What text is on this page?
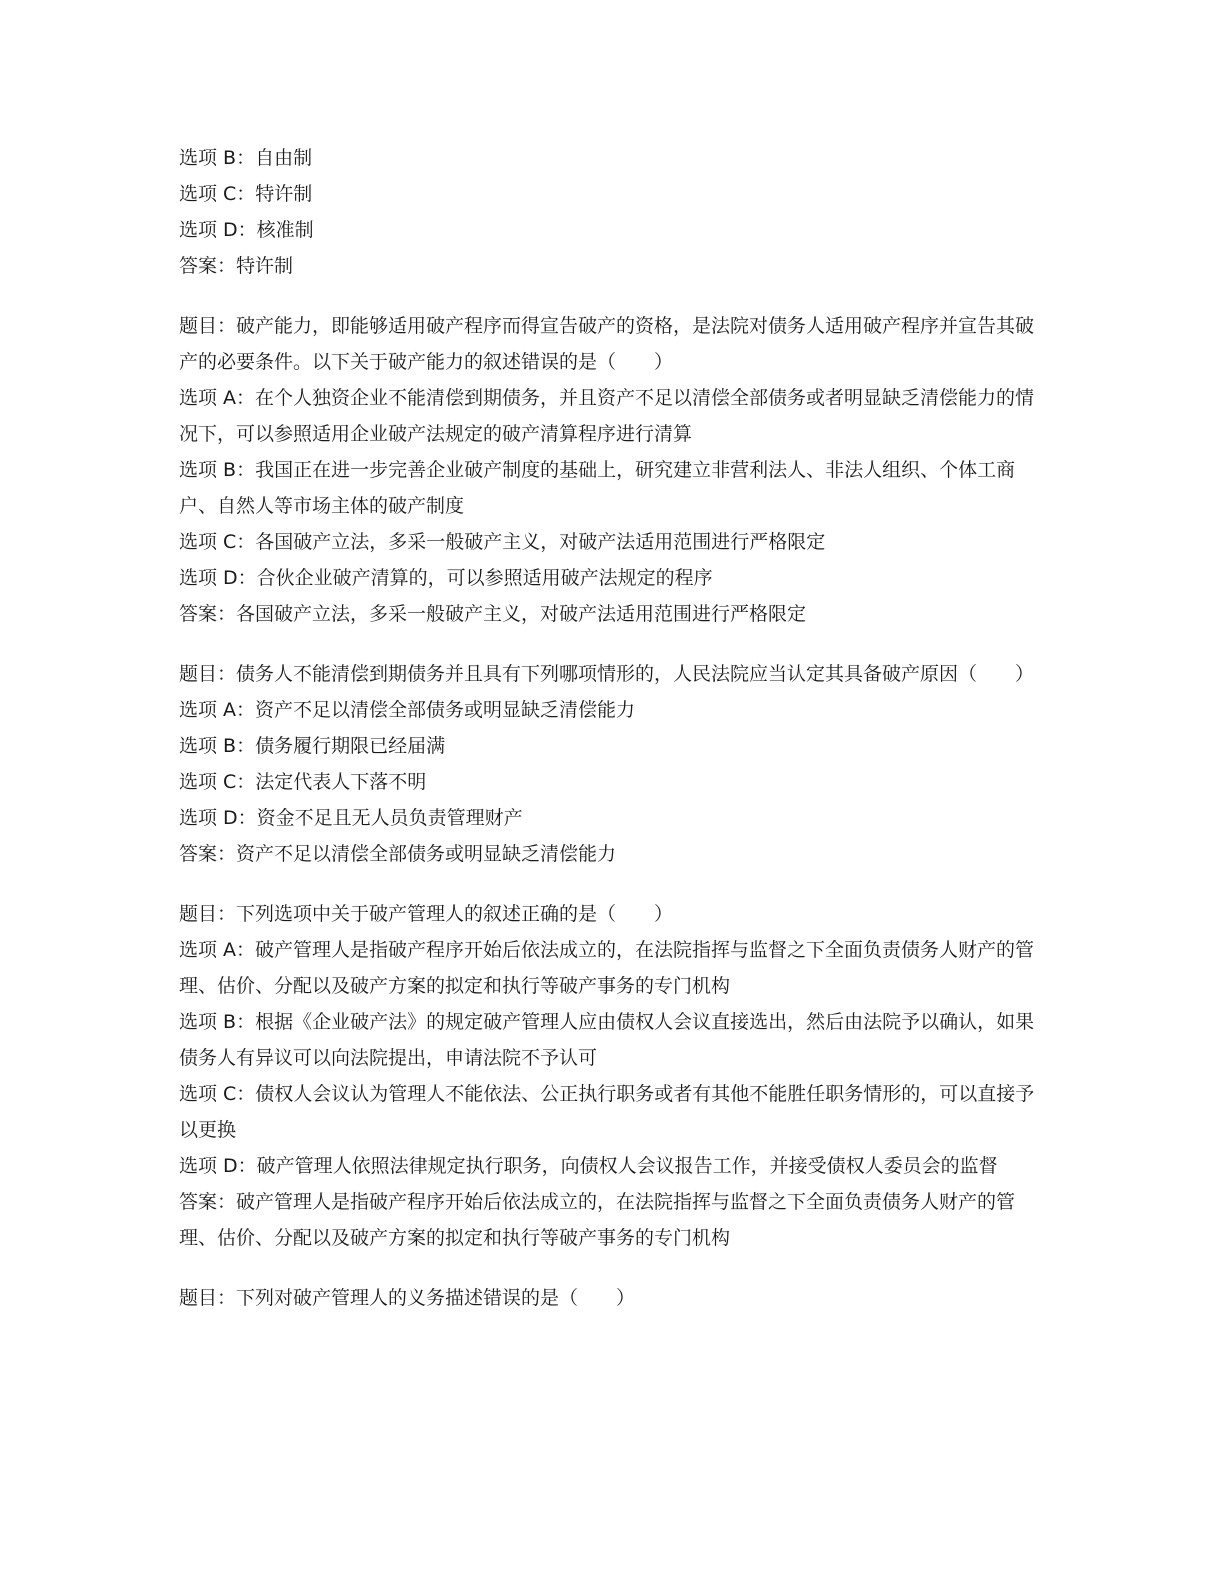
选项 B：自由制

选项 C：特许制

选项 D：核准制

答案：特许制

题目：破产能力，即能够适用破产程序而得宣告破产的资格，是法院对债务人适用破产程序并宣告其破产的必要条件。以下关于破产能力的叙述错误的是（　　）

选项 A：在个人独资企业不能清偿到期债务，并且资产不足以清偿全部债务或者明显缺乏清偿能力的情况下，可以参照适用企业破产法规定的破产清算程序进行清算

选项 B：我国正在进一步完善企业破产制度的基础上，研究建立非营利法人、非法人组织、个体工商户、自然人等市场主体的破产制度

选项 C：各国破产立法，多采一般破产主义，对破产法适用范围进行严格限定

选项 D：合伙企业破产清算的，可以参照适用破产法规定的程序

答案：各国破产立法，多采一般破产主义，对破产法适用范围进行严格限定

题目：债务人不能清偿到期债务并且具有下列哪项情形的，人民法院应当认定其具备破产原因（　　）

选项 A：资产不足以清偿全部债务或明显缺乏清偿能力

选项 B：债务履行期限已经届满

选项 C：法定代表人下落不明

选项 D：资金不足且无人员负责管理财产

答案：资产不足以清偿全部债务或明显缺乏清偿能力

题目：下列选项中关于破产管理人的叙述正确的是（　　）

选项 A：破产管理人是指破产程序开始后依法成立的，在法院指挥与监督之下全面负责债务人财产的管理、估价、分配以及破产方案的拟定和执行等破产事务的专门机构

选项 B：根据《企业破产法》的规定破产管理人应由债权人会议直接选出，然后由法院予以确认，如果债务人有异议可以向法院提出，申请法院不予认可

选项 C：债权人会议认为管理人不能依法、公正执行职务或者有其他不能胜任职务情形的，可以直接予以更换

选项 D：破产管理人依照法律规定执行职务，向债权人会议报告工作，并接受债权人委员会的监督

答案：破产管理人是指破产程序开始后依法成立的，在法院指挥与监督之下全面负责债务人财产的管理、估价、分配以及破产方案的拟定和执行等破产事务的专门机构

题目：下列对破产管理人的义务描述错误的是（　　）
